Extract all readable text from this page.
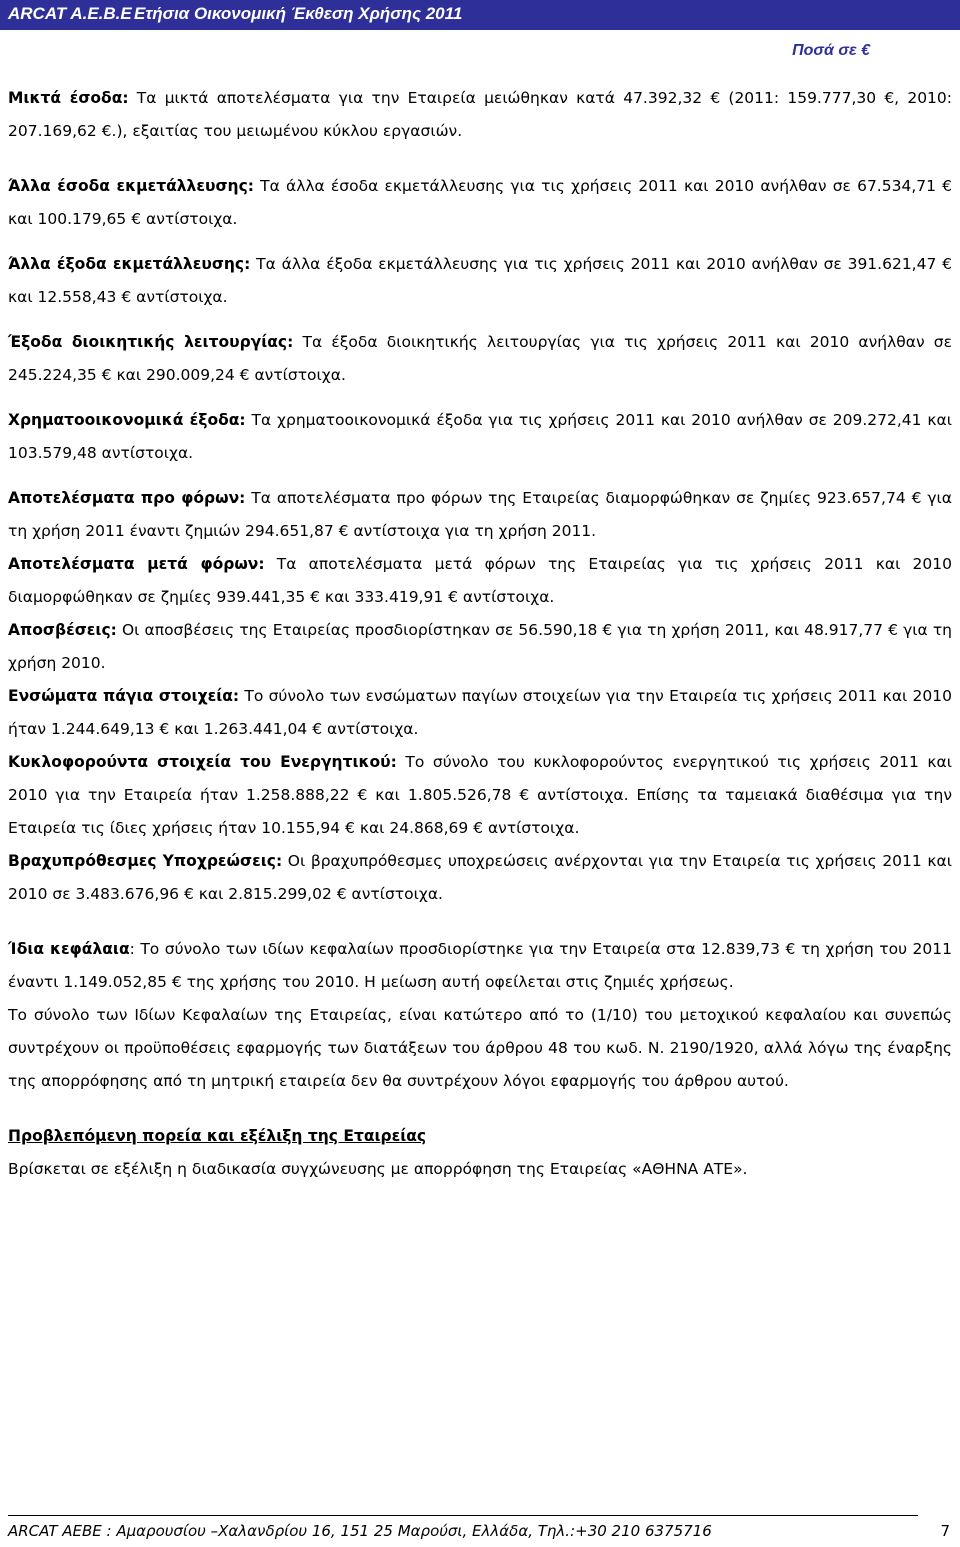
ARCAT A.E.B.E Ετήσια Οικονομική Έκθεση Χρήσης 2011
Ποσά σε €

Μικτά έσοδα: Τα μικτά αποτελέσματα για την Εταιρεία μειώθηκαν κατά 47.392,32 € (2011: 159.777,30 €, 2010: 207.169,62 €.), εξαιτίας του μειωμένου κύκλου εργασιών.

Άλλα έσοδα εκμετάλλευσης: Τα άλλα έσοδα εκμετάλλευσης για τις χρήσεις 2011 και 2010 ανήλθαν σε 67.534,71 € και 100.179,65 € αντίστοιχα.

Άλλα έξοδα εκμετάλλευσης: Τα άλλα έξοδα εκμετάλλευσης για τις χρήσεις 2011 και 2010 ανήλθαν σε 391.621,47 € και 12.558,43 € αντίστοιχα.

Έξοδα διοικητικής λειτουργίας: Τα έξοδα διοικητικής λειτουργίας για τις χρήσεις 2011 και 2010 ανήλθαν σε 245.224,35 € και 290.009,24 € αντίστοιχα.

Χρηματοοικονομικά έξοδα: Τα χρηματοοικονομικά έξοδα για τις χρήσεις 2011 και 2010 ανήλθαν σε 209.272,41 και 103.579,48 αντίστοιχα.

Αποτελέσματα προ φόρων: Τα αποτελέσματα προ φόρων της Εταιρείας διαμορφώθηκαν σε ζημίες 923.657,74 € για τη χρήση 2011 έναντι ζημιών 294.651,87 € αντίστοιχα για τη χρήση 2011.

Αποτελέσματα μετά φόρων: Τα αποτελέσματα μετά φόρων της Εταιρείας για τις χρήσεις 2011 και 2010 διαμορφώθηκαν σε ζημίες 939.441,35 € και 333.419,91 € αντίστοιχα.

Αποσβέσεις: Οι αποσβέσεις της Εταιρείας προσδιορίστηκαν σε 56.590,18 € για τη χρήση 2011, και 48.917,77 € για τη χρήση 2010.

Ενσώματα πάγια στοιχεία: Το σύνολο των ενσώματων παγίων στοιχείων για την Εταιρεία τις χρήσεις 2011 και 2010 ήταν 1.244.649,13 € και 1.263.441,04 € αντίστοιχα.

Κυκλοφορούντα στοιχεία του Ενεργητικού: Το σύνολο του κυκλοφορούντος ενεργητικού τις χρήσεις 2011 και 2010 για την Εταιρεία ήταν 1.258.888,22 € και 1.805.526,78 € αντίστοιχα. Επίσης τα ταμειακά διαθέσιμα για την Εταιρεία τις ίδιες χρήσεις ήταν 10.155,94 € και 24.868,69 € αντίστοιχα.

Βραχυπρόθεσμες Υποχρεώσεις: Οι βραχυπρόθεσμες υποχρεώσεις ανέρχονται για την Εταιρεία τις χρήσεις 2011 και 2010 σε 3.483.676,96 € και 2.815.299,02 € αντίστοιχα.

Ίδια κεφάλαια: Το σύνολο των ιδίων κεφαλαίων προσδιορίστηκε για την Εταιρεία στα 12.839,73 € τη χρήση του 2011 έναντι 1.149.052,85 € της χρήσης του 2010. Η μείωση αυτή οφείλεται στις ζημιές χρήσεως.

Το σύνολο των Ιδίων Κεφαλαίων της Εταιρείας, είναι κατώτερο από το (1/10) του μετοχικού κεφαλαίου και συνεπώς συντρέχουν οι προϋποθέσεις εφαρμογής των διατάξεων του άρθρου 48 του κωδ. Ν. 2190/1920, αλλά λόγω της έναρξης της απορρόφησης από τη μητρική εταιρεία δεν θα συντρέχουν λόγοι εφαρμογής του άρθρου αυτού.

Προβλεπόμενη πορεία και εξέλιξη της Εταιρείας

Βρίσκεται σε εξέλιξη η διαδικασία συγχώνευσης με απορρόφηση της Εταιρείας «ΑΘΗΝΑ ΑΤΕ».

ARCAT AEBE : Αμαρουσίου –Χαλανδρίου 16, 151 25 Μαρούσι, Ελλάδα, Τηλ.:+30 210 6375716	7
